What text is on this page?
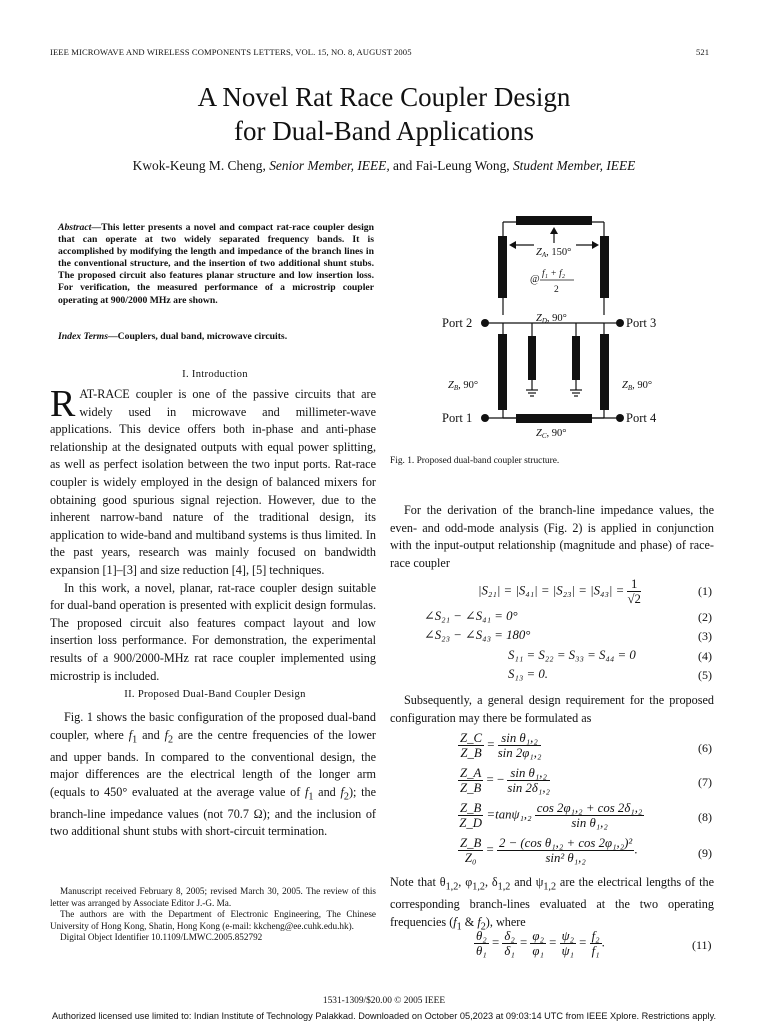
IEEE MICROWAVE AND WIRELESS COMPONENTS LETTERS, VOL. 15, NO. 8, AUGUST 2005	521
A Novel Rat Race Coupler Design
for Dual-Band Applications
Kwok-Keung M. Cheng, Senior Member, IEEE, and Fai-Leung Wong, Student Member, IEEE
Abstract—This letter presents a novel and compact rat-race coupler design that can operate at two widely separated frequency bands. It is accomplished by modifying the length and impedance of the branch lines in the conventional structure, and the insertion of two additional shunt stubs. The proposed circuit also features planar structure and low insertion loss. For verification, the measured performance of a microstrip coupler operating at 900/2000 MHz are shown.
Index Terms—Couplers, dual band, microwave circuits.
I. Introduction

RAT-RACE coupler is one of the passive circuits that are widely used in microwave and millimeter-wave applications. This device offers both in-phase and anti-phase relationship at the designated outputs with equal power splitting, as well as perfect isolation between the two input ports. Rat-race coupler is widely employed in the design of balanced mixers for obtaining good spurious signal rejection. However, due to the inherent narrow-band nature of the traditional design, its application to wide-band and multiband systems is thus limited. In the past years, research was mainly focused on bandwidth expansion [1]–[3] and size reduction [4], [5] techniques.

In this work, a novel, planar, rat-race coupler design suitable for dual-band operation is presented with explicit design formulas. The proposed circuit also features compact layout and low insertion loss performance. For demonstration, the experimental results of a 900/2000-MHz rat race coupler implemented using microstrip is included.

II. Proposed Dual-Band Coupler Design
Fig. 1 shows the basic configuration of the proposed dual-band coupler, where $f_1$ and $f_2$ are the centre frequencies of the lower and upper bands. In compared to the conventional design, the major differences are the electrical length of the longer arm (equals to 450° evaluated at the average value of $f_1$ and $f_2$); the branch-line impedance values (not 70.7 Ω); and the inclusion of two additional shunt stubs with short-circuit termination.

Manuscript received February 8, 2005; revised March 30, 2005. The review of this letter was arranged by Associate Editor J.-G. Ma.

The authors are with the Department of Electronic Engineering, The Chinese University of Hong Kong, Shatin, Hong Kong (e-mail: kkcheng@ee.cuhk.edu.hk).

Digital Object Identifier 10.1109/LMWC.2005.852792

ZA, 150°
@ f₁ + f₂
2
ZD, 90°
ZB, 90°	ZB, 90°
ZC, 90°
Port 2	Port 3
Port 1	Port 4
Fig. 1. Proposed dual-band coupler structure.
For the derivation of the branch-line impedance values, the even- and odd-mode analysis (Fig. 2) is applied in conjunction with the input-output relationship (magnitude and phase) of race-race coupler
$|S_{21}| = |S_{41}| = |S_{23}| = |S_{43}| = \frac{1}{√2}$	(1)
∠S₂₁ − ∠S₄₁ = 0°	(2)
∠S₂₃ − ∠S₄₃ = 180°	(3)
S₁₁ = S₂₂ = S₃₃ = S₄₄ = 0	(4)
S₁₃ = 0.	(5)
Subsequently, a general design requirement for the proposed configuration may there be formulated as
$\frac{Z\_C}{Z\_B} = \frac{\text{sin θ₁,₂}}{\text{sin 2φ₁,₂}}$	(6)
$\frac{Z\_A}{Z\_B}$ = − $\frac{\text{sin θ₁,₂}}{\text{sin 2δ₁,₂}}$	(7)
$\frac{Z\_B}{Z\_D} =\tan\psi_1,_2 \frac{\text{cos 2φ₁,₂ + cos 2δ₁,₂}}{\text{sin θ₁,₂}}$	(8)
$\frac{Z\_B}{\text{Z₀}} = \frac{\text{2 − (cos θ₁,₂ + cos 2φ₁,₂)²}}{\text{sin² θ₁,₂}}$ .	(9)
Note that $\theta_{1,2}$, $\varphi_{1,2}$, $\delta_{1,2}$ and $\psi_{1,2}$ are the electrical lengths of the corresponding branch-lines evaluated at the two operating frequencies ($f_1$ & $f_2$), where
$\frac{\text{θ₂}}{\text{θ₁}} = \frac{\text{δ₂}}{\text{δ₁}} = \frac{\text{φ₂}}{\text{φ₁}} = \frac{\text{ψ₂}}{\text{ψ₁}} = \frac{\text{f₂}}{\text{f₁}}$ .	(11)
1531-1309/$20.00 © 2005 IEEE
Authorized licensed use limited to: Indian Institute of Technology Palakkad. Downloaded on October 05,2023 at 09:03:14 UTC from IEEE Xplore. Restrictions apply.
